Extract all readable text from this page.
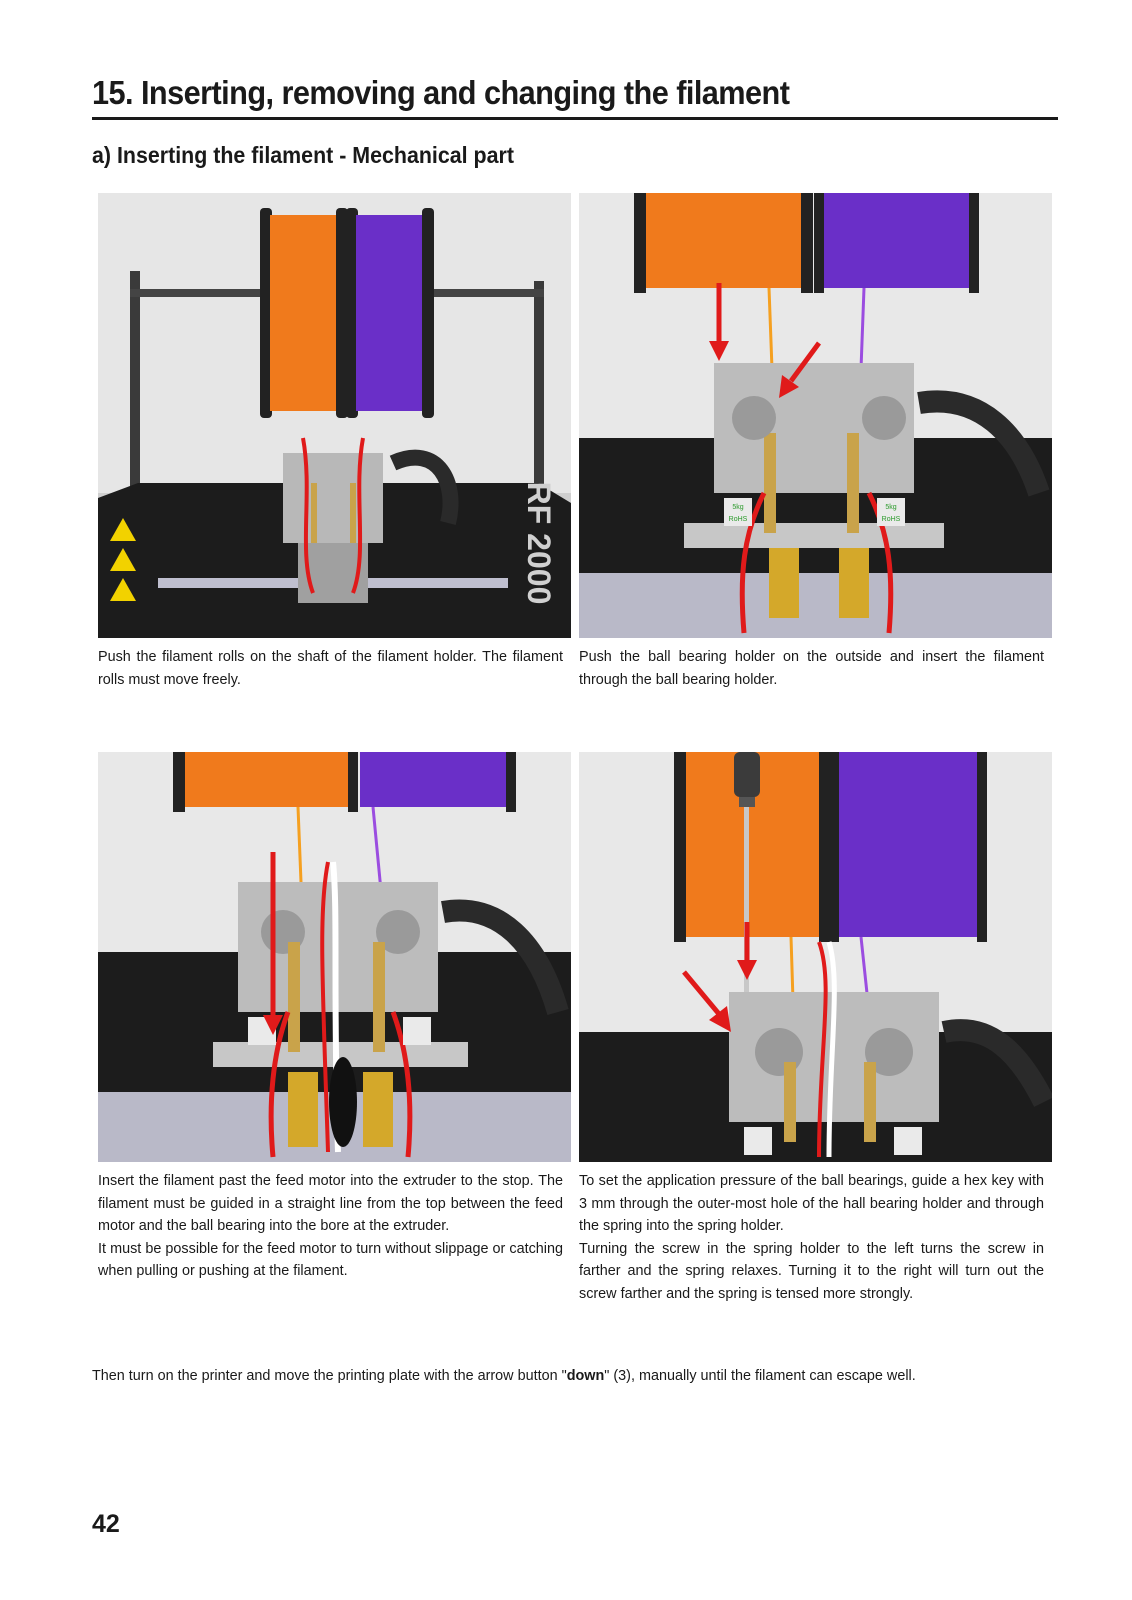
15. Inserting, removing and changing the filament
a) Inserting the filament - Mechanical part
RF 2000

Push the filament rolls on the shaft of the filament holder. The filament rolls must move freely.

5kg
RoHS
5kg
RoHS

Push the ball bearing holder on the outside and insert the filament through the ball bearing holder.

Insert the filament past the feed motor into the extruder to the stop. The filament must be guided in a straight line from the top between the feed motor and the ball bearing into the bore at the extruder.

It must be possible for the feed motor to turn without slippage or catching when pulling or pushing at the filament.

To set the application pressure of the ball bearings, guide a hex key with 3 mm through the outer-most hole of the hall bearing holder and through the spring into the spring holder.

Turning the screw in the spring holder to the left turns the screw in farther and the spring relaxes. Turning it to the right will turn out the screw farther and the spring is tensed more strongly.

Then turn on the printer and move the printing plate with the arrow button "down" (3), manually until the filament can escape well.
42
